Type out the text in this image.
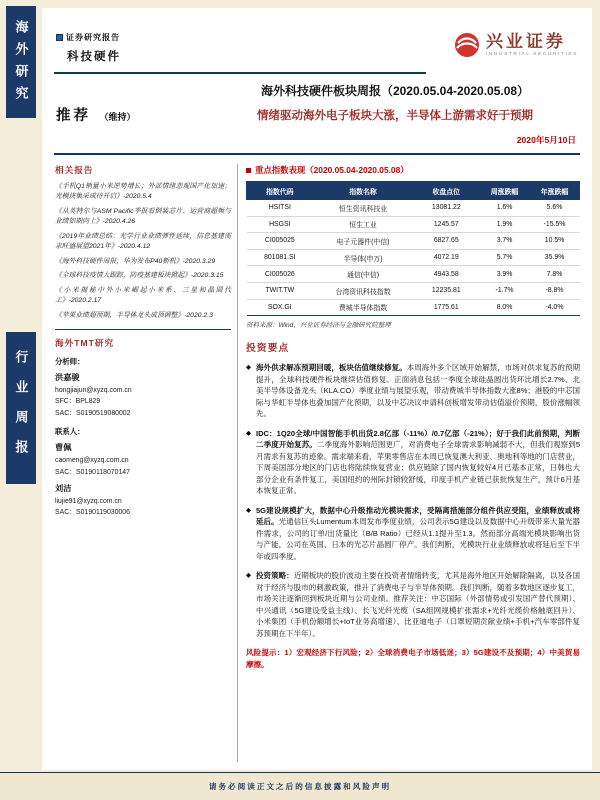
海外研究
行业周报
证券研究报告
科技硬件
兴业证券
INDUSTRIAL SECURITIES
海外科技硬件板块周报（2020.05.04-2020.05.08）
情绪驱动海外电子板块大涨，半导体上游需求好于预期
2020年5月10日
推荐 （维持）
相关报告
《手机Q1销量小米逆势增长；外部情绪悲观国产化加速；光模块集采成待开启》-2020.5.4
《从英特尔与ASM Pacific季报看倒装芯片、运营商超频与业绩如期向上》-2020.4.26
《2019年业绩总结：光学行业业绩弹性延续，信息基建需求旺盛展望2021年》-2020.4.12
《海外科技硬件周报，华为发布P40新机》-2020.3.29
《全球科技疫情大跟踪，防疫基建板块掀起》-2020.3.15
《小米揭秘中外小米崛起小米系、三星和晶圆代工》-2020.2.17
《苹果业绩超预期，半导体龙头成预调整》-2020.2.3
海外TMT研究
分析师：
洪嘉骏
hongjiajun@xyzq.com.cn
SFC：BPL829
SAC：S0190519080002
联系人：
曹佩
caomeng@xyzq.com.cn
SAC：S0190118070147
刘洁
liujie91@xyzq.com.cn
SAC：S0190119030006
重点指数表现（2020.05.04-2020.05.08）
指数代码	指数名称	收盘点位	周涨跌幅	年涨跌幅
HSITSI	恒生资讯科技业	13081.22	1.6%	5.6%
HSGSI	恒生工业	1245.57	1.9%	-15.5%
CI005025	电子元器件(中信)	6827.65	3.7%	10.5%
801081.SI	半导体(申万)	4072.19	5.7%	35.9%
CI005026	通信(中信)	4943.58	3.9%	7.8%
TWIT.TW	台湾资讯科技指数	12235.81	-1.7%	-8.8%
SOX.GI	费城半导体指数	1775.61	8.0%	-4.0%
资料来源：Wind，兴业证券经济与金融研究院整理
投资要点
◆ 海外供求解冻预期回暖，板块估值继续修复。本周海外多个区域开始解禁，市场对供求复苏的预期提升，全球科技硬件板块继续估值修复。正面消息包括一季度全球硅晶圆出货环比增长2.7%、北美半导体设备龙头（KLA.CO）季度业绩与展望乐观，带动费城半导体指数大涨8%；港股的中芯国际与华虹半导体也叠加国产化预期，以及中芯决议申请科创板增发带动估值溢价预期，股价涨幅领先。

◆ IDC：1Q20全球/中国智能手机出货2.8亿部（-11%）/0.7亿部（-21%）；好于我们此前预期，判断二季度开始复苏。二季度海外影响范围更广，对消费电子全球需求影响减弱不大，但我们观察到5月需求有复苏的迹象。需求端来看，苹果零售店在本周已恢复澳大利亚、奥地利等地的门店营业，下周美国部分地区的门店也将陆续恢复营业；供应链除了国内恢复较好4月已基本正常，日韩也大部分企业有条件复工，美国纽约的州际封锁较舒缓，印度手机产业链已获批恢复生产，预计6月基本恢复正常。

◆ 5G建设规模扩大，数据中心升级推动光模块需求，受隔离措施部分组件供应受阻，业绩释放或将延后。光通信巨头Lumentum本周发布季度业绩，公司表示5G建设以及数据中心升级带来大量光器件需求，公司的订单/出货量比（B/B Ratio）已经从1.1提升至1.3。然而部分高端光模块影响出货与产能，公司在英国、日本的光芯片晶圆厂停产。我们判断，光模块行业业绩释放或将延后至下半年或四季度。

◆ 投资策略：近期板块的股价波动主要在投资者情绪转变，尤其是海外地区开始解除隔离，以及各国对于经济与股市的刺激政策，推升了消费电子与半导体预期。我们判断，随着多数地区逐步复工，市场关注逐渐回到板块近期与公司业绩。推荐关注：中芯国际（外部情势或引发国产替代预期）、中兴通讯（5G建设受益主线）、长飞光纤光缆（SA组网规模扩张需求+光纤光缆价格触底回升）、小米集团（手机份额增长+IoT业务高增速）、比亚迪电子（口罩短期贡献业绩+手机+汽车零部件复苏预期在下半年）。

风险提示：1）宏观经济下行风险；2）全球消费电子市场低迷；3）5G建设不及预期；4）中美贸易摩擦。
请务必阅读正文之后的信息披露和风险声明
